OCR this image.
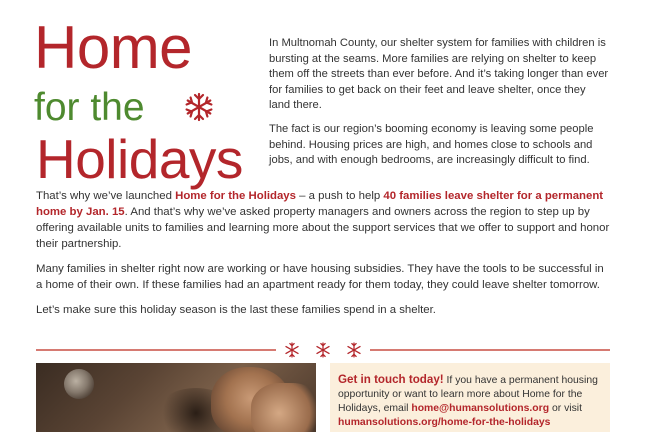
Home
for the
Holidays

In Multnomah County, our shelter system for families with children is bursting at the seams. More families are relying on shelter to keep them off the streets than ever before. And it’s taking longer than ever for families to get back on their feet and leave shelter, once they land there.

The fact is our region’s booming economy is leaving some people behind. Housing prices are high, and homes close to schools and jobs, and with enough bedrooms, are increasingly difficult to find.

That’s why we’ve launched Home for the Holidays – a push to help 40 families leave shelter for a permanent home by Jan. 15. And that’s why we’ve asked property managers and owners across the region to step up by offering available units to families and learning more about the support services that we offer to support and honor their partnership.

Many families in shelter right now are working or have housing subsidies. They have the tools to be successful in a home of their own. If these families had an apartment ready for them today, they could leave shelter tomorrow.

Let’s make sure this holiday season is the last these families spend in a shelter.

Get in touch today! If you have a permanent housing opportunity or want to learn more about Home for the Holidays, email home@humansolutions.org or visit humansolutions.org/home-for-the-holidays
